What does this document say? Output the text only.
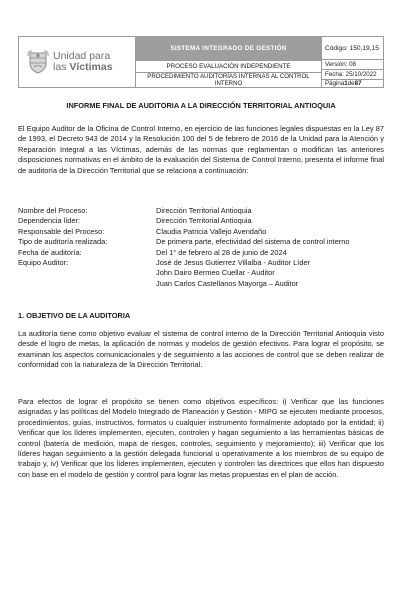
Unidad para
las Víctimas
SISTEMA INTEGRADO DE GESTIÓN
PROCESO EVALUACIÓN INDEPENDIENTE
PROCEDIMIENTO AUDITORÍAS INTERNAS AL CONTROL INTERNO
Código: 150,19,15
Versión: 08
Fecha: 25/10/2022
Página 1 de 87
INFORME FINAL DE AUDITORIA A LA DIRECCIÓN TERRITORIAL ANTIOQUIA

El Equipo Auditor de la Oficina de Control Interno, en ejercicio de las funciones legales dispuestas en la Ley 87 de 1993, el Decreto 943 de 2014 y la Resolución 100 del 5 de febrero de 2016 de la Unidad para la Atención y Reparación Integral a las Víctimas, además de las normas que reglamentan o modifican las anteriores disposiciones normativas en el ámbito de la evaluación del Sistema de Control Interno, presenta el informe final de auditoría de la Dirección Territorial que se relaciona a continuación:

Nombre del Proceso:	Dirección Territorial Antioquia
Dependencia líder:	Dirección Territorial Antioquia
Responsable del Proceso:	Claudia Patricia Vallejo Avendaño
Tipo de auditoría realizada:	De primera parte, efectividad del sistema de control interno
Fecha de auditoría:	Del 1° de febrero al 28 de junio de 2024
Equipo Auditor:	José de Jesus Gutierrez Villalba - Auditor Líder
John Dairo Bermeo Cuellar - Auditor
Juan Carlos Castellanos Mayorga – Auditor
1. OBJETIVO DE LA AUDITORIA

La auditoría tiene como objetivo evaluar el sistema de control interno de la Dirección Territorial Antioquia visto desde el logro de metas, la aplicación de normas y modelos de gestión efectivos. Para lograr el propósito, se examinan los aspectos comunicacionales y de seguimiento a las acciones de control que se deben realizar de conformidad con la naturaleza de la Dirección Territorial.

Para efectos de lograr el propósito se tienen como objetivos específicos: i) Verificar que las funciones asignadas y las políticas del Modelo Integrado de Planeación y Gestión - MIPG se ejecuten mediante procesos, procedimientos, guías, instructivos, formatos u cualquier instrumento formalmente adoptado por la entidad; ii) Verificar que los líderes implementen, ejecuten, controlen y hagan seguimiento a las herramientas básicas de control (batería de medición, mapa de riesgos, controles, seguimiento y mejoramiento); iii) Verificar que los líderes hagan seguimiento a la gestión delegada funcional u operativamente a los miembros de su equipo de trabajo y, iv) Verificar que los líderes implementen, ejecuten y controlen las directrices que ellos han dispuesto con base en el modelo de gestión y control para lograr las metas propuestas en el plan de acción.
